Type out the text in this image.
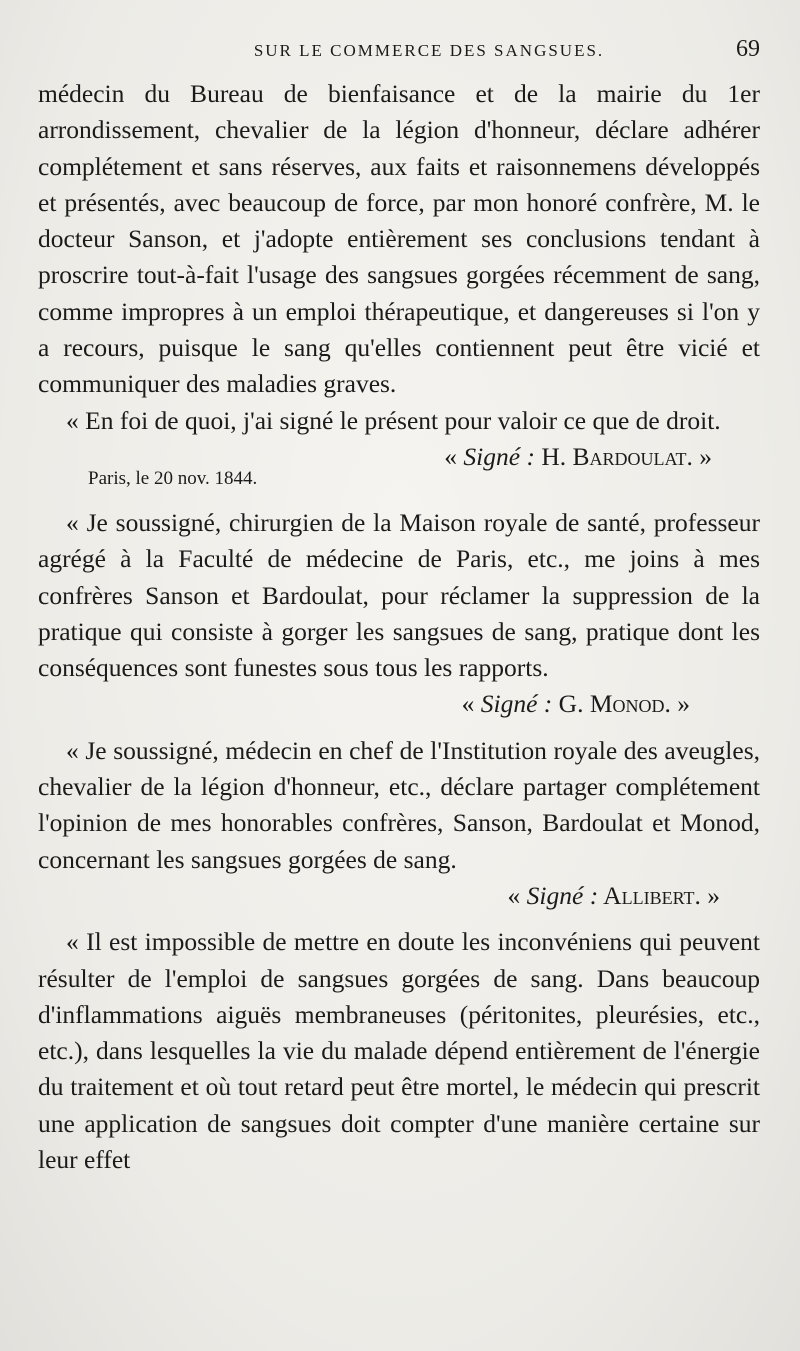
SUR LE COMMERCE DES SANGSUES.	69

médecin du Bureau de bienfaisance et de la mairie du 1er arrondissement, chevalier de la légion d'honneur, déclare adhérer complétement et sans réserves, aux faits et raisonnemens développés et présentés, avec beaucoup de force, par mon honoré confrère, M. le docteur Sanson, et j'adopte entièrement ses conclusions tendant à proscrire tout-à-fait l'usage des sangsues gorgées récemment de sang, comme impropres à un emploi thérapeutique, et dangereuses si l'on y a recours, puisque le sang qu'elles contiennent peut être vicié et communiquer des maladies graves.

« En foi de quoi, j'ai signé le présent pour valoir ce que de droit.

« Signé : H. Bardoulat. »

Paris, le 20 nov. 1844.

« Je soussigné, chirurgien de la Maison royale de santé, professeur agrégé à la Faculté de médecine de Paris, etc., me joins à mes confrères Sanson et Bardoulat, pour réclamer la suppression de la pratique qui consiste à gorger les sangsues de sang, pratique dont les conséquences sont funestes sous tous les rapports.

« Signé : G. Monod. »

« Je soussigné, médecin en chef de l'Institution royale des aveugles, chevalier de la légion d'honneur, etc., déclare partager complétement l'opinion de mes honorables confrères, Sanson, Bardoulat et Monod, concernant les sangsues gorgées de sang.

« Signé : Allibert. »

« Il est impossible de mettre en doute les inconvéniens qui peuvent résulter de l'emploi de sangsues gorgées de sang. Dans beaucoup d'inflammations aiguës membraneuses (péritonites, pleurésies, etc., etc.), dans lesquelles la vie du malade dépend entièrement de l'énergie du traitement et où tout retard peut être mortel, le médecin qui prescrit une application de sangsues doit compter d'une manière certaine sur leur effet
